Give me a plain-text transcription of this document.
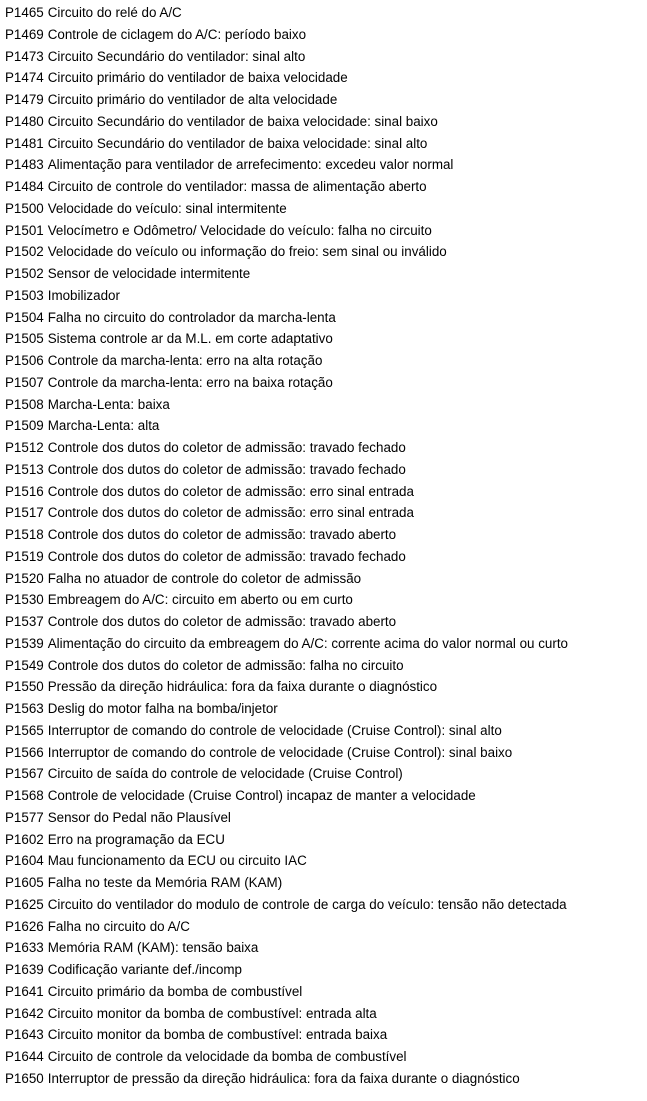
P1465 Circuito do relé do A/C
P1469 Controle de ciclagem do A/C: período baixo
P1473 Circuito Secundário do ventilador: sinal alto
P1474 Circuito primário do ventilador de baixa velocidade
P1479 Circuito primário do ventilador de alta velocidade
P1480 Circuito Secundário do ventilador de baixa velocidade: sinal baixo
P1481 Circuito Secundário do ventilador de baixa velocidade: sinal alto
P1483 Alimentação para ventilador de arrefecimento: excedeu valor normal
P1484 Circuito de controle do ventilador: massa de alimentação aberto
P1500 Velocidade do veículo: sinal intermitente
P1501 Velocímetro e Odômetro/ Velocidade do veículo: falha no circuito
P1502 Velocidade do veículo ou informação do freio: sem sinal ou inválido
P1502 Sensor de velocidade intermitente
P1503 Imobilizador
P1504 Falha no circuito do controlador da marcha-lenta
P1505 Sistema controle ar da M.L. em corte adaptativo
P1506 Controle da marcha-lenta: erro na alta rotação
P1507 Controle da marcha-lenta: erro na baixa rotação
P1508 Marcha-Lenta: baixa
P1509 Marcha-Lenta: alta
P1512 Controle dos dutos do coletor de admissão: travado fechado
P1513 Controle dos dutos do coletor de admissão: travado fechado
P1516 Controle dos dutos do coletor de admissão: erro sinal entrada
P1517 Controle dos dutos do coletor de admissão: erro sinal entrada
P1518 Controle dos dutos do coletor de admissão: travado aberto
P1519 Controle dos dutos do coletor de admissão: travado fechado
P1520 Falha no atuador de controle do coletor de admissão
P1530 Embreagem do A/C: circuito em aberto ou em curto
P1537 Controle dos dutos do coletor de admissão: travado aberto
P1539 Alimentação do circuito da embreagem do A/C: corrente acima do valor normal ou curto
P1549 Controle dos dutos do coletor de admissão: falha no circuito
P1550 Pressão da direção hidráulica: fora da faixa durante o diagnóstico
P1563 Deslig do motor falha na bomba/injetor
P1565 Interruptor de comando do controle de velocidade (Cruise Control): sinal alto
P1566 Interruptor de comando do controle de velocidade (Cruise Control): sinal baixo
P1567 Circuito de saída do controle de velocidade (Cruise Control)
P1568 Controle de velocidade (Cruise Control) incapaz de manter a velocidade
P1577 Sensor do Pedal não Plausível
P1602 Erro na programação da ECU
P1604 Mau funcionamento da ECU ou circuito IAC
P1605 Falha no teste da Memória RAM (KAM)
P1625 Circuito do ventilador do modulo de controle de carga do veículo: tensão não detectada
P1626 Falha no circuito do A/C
P1633 Memória RAM (KAM): tensão baixa
P1639 Codificação variante def./incomp
P1641 Circuito primário da bomba de combustível
P1642 Circuito monitor da bomba de combustível: entrada alta
P1643 Circuito monitor da bomba de combustível: entrada baixa
P1644 Circuito de controle da velocidade da bomba de combustível
P1650 Interruptor de pressão da direção hidráulica: fora da faixa durante o diagnóstico
